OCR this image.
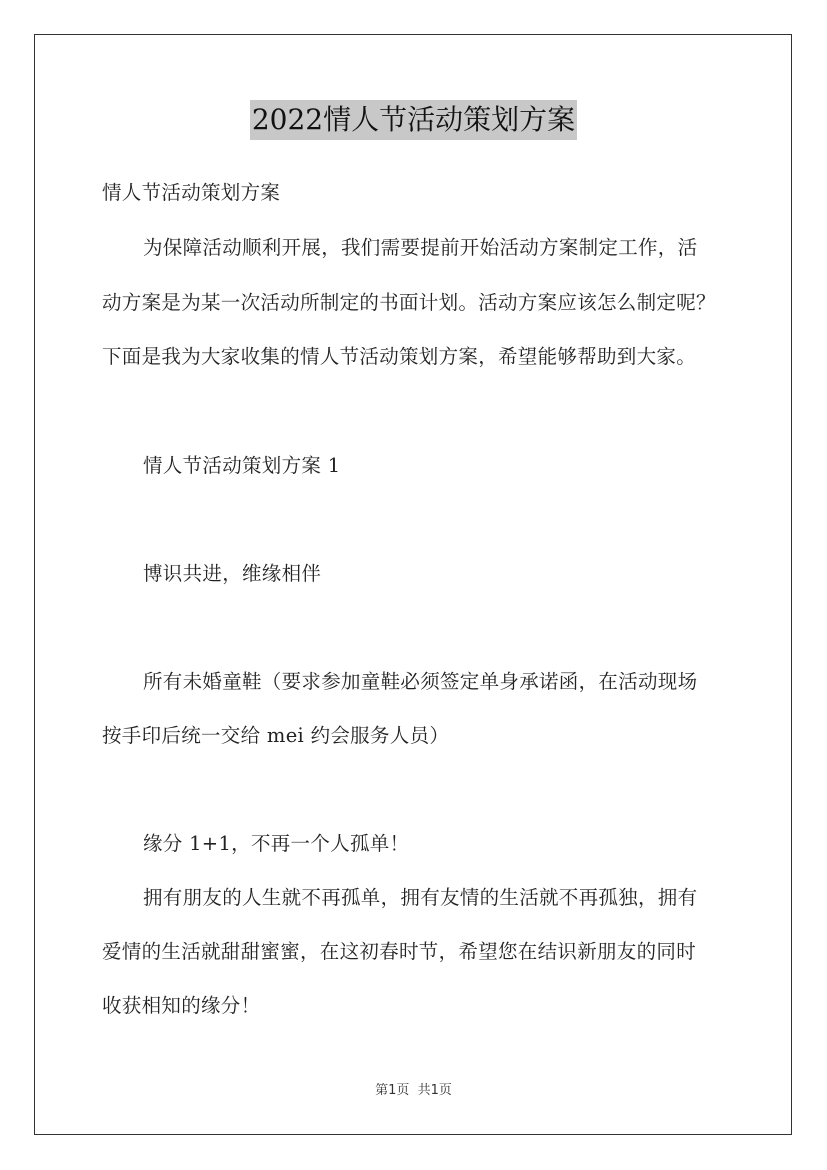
2022情人节活动策划方案
情人节活动策划方案
为保障活动顺利开展，我们需要提前开始活动方案制定工作，活
动方案是为某一次活动所制定的书面计划。活动方案应该怎么制定呢？
下面是我为大家收集的情人节活动策划方案，希望能够帮助到大家。
情人节活动策划方案 1
博识共进，维缘相伴
所有未婚童鞋（要求参加童鞋必须签定单身承诺函，在活动现场
按手印后统一交给 mei 约会服务人员）
缘分 1+1，不再一个人孤单！
拥有朋友的人生就不再孤单，拥有友情的生活就不再孤独，拥有
爱情的生活就甜甜蜜蜜，在这初春时节，希望您在结识新朋友的同时
收获相知的缘分！
第1页 共1页
